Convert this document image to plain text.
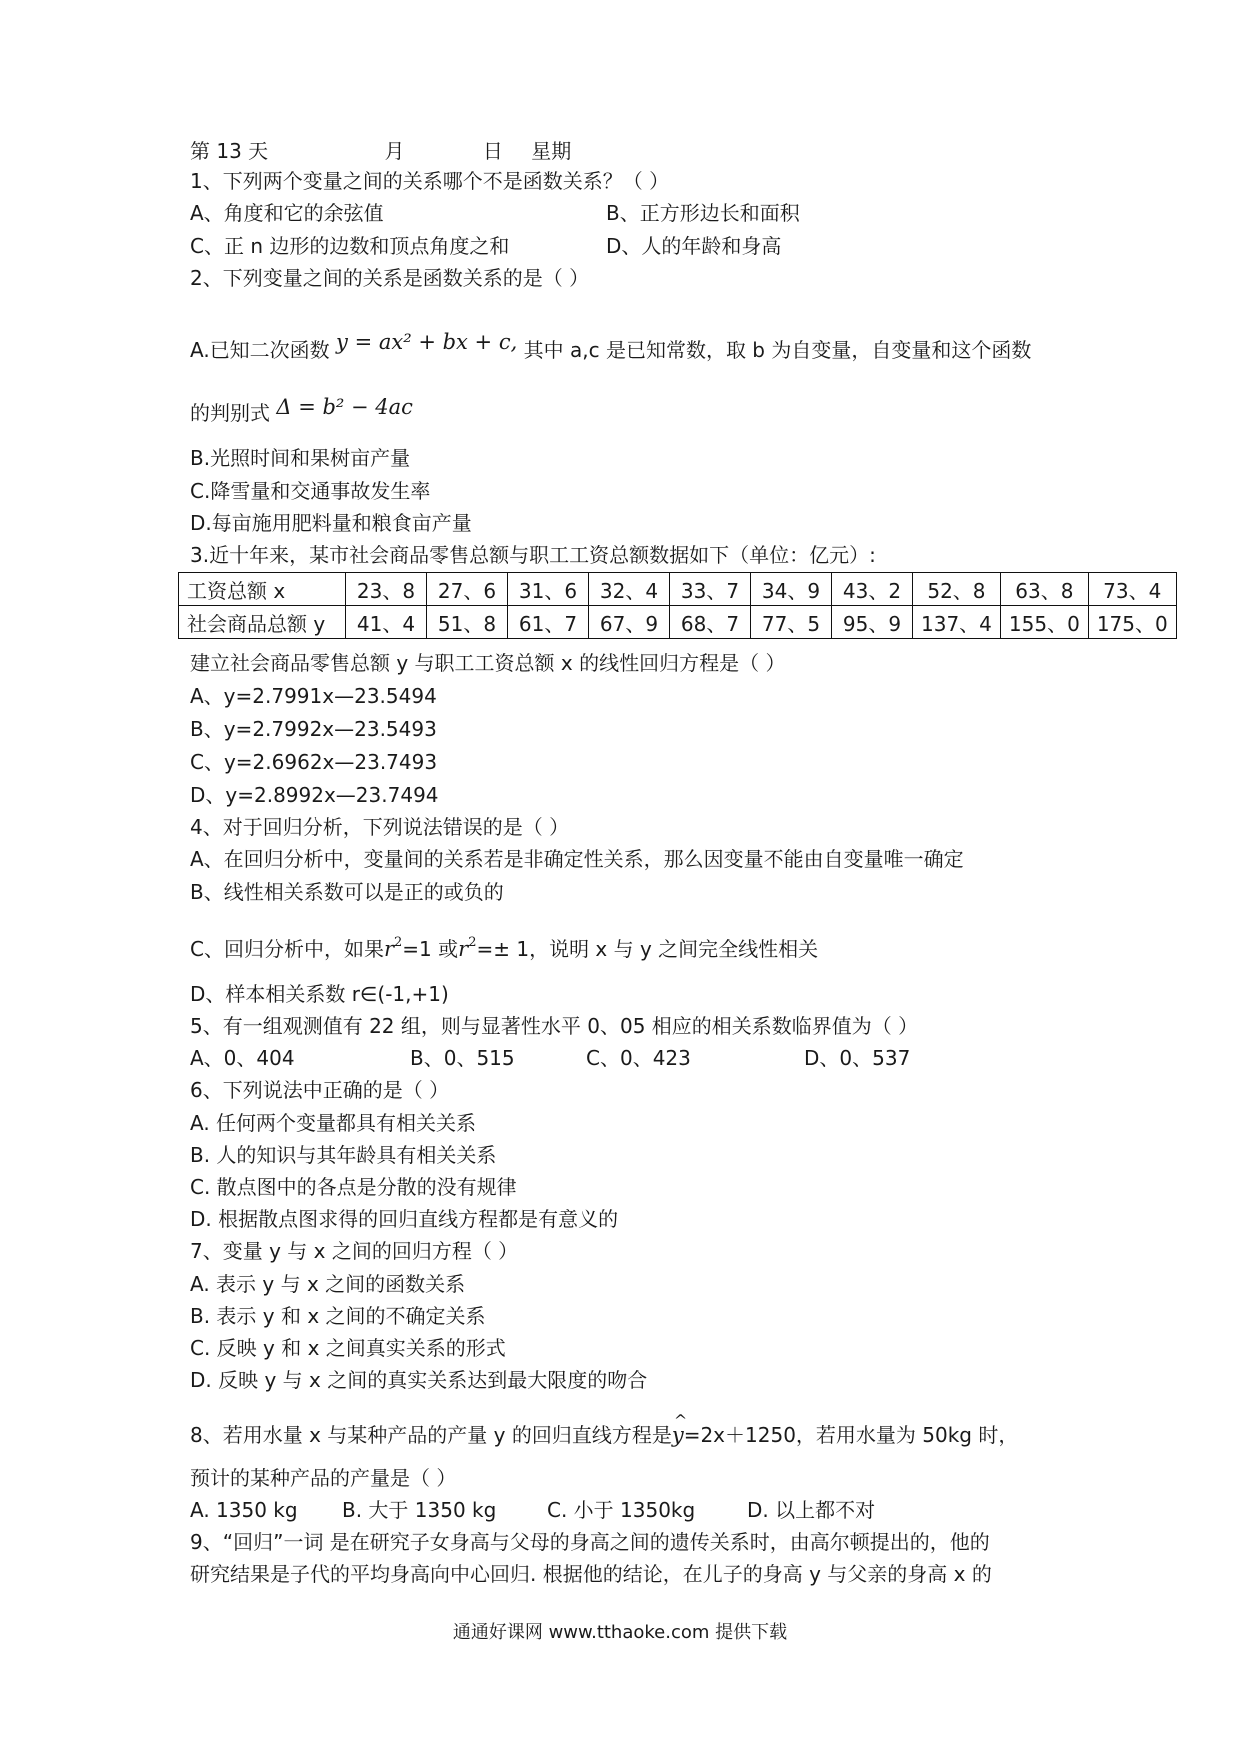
第 13 天	月	日 星期
1、下列两个变量之间的关系哪个不是函数关系？（ ）
A、角度和它的余弦值	B、正方形边长和面积
C、正 n 边形的边数和顶点角度之和	D、人的年龄和身高
2、下列变量之间的关系是函数关系的是（ ）
A.已知二次函数 y = ax² + bx + c, 其中 a,c 是已知常数，取 b 为自变量，自变量和这个函数
的判别式 Δ = b² − 4ac
B.光照时间和果树亩产量
C.降雪量和交通事故发生率
D.每亩施用肥料量和粮食亩产量
3.近十年来，某市社会商品零售总额与职工工资总额数据如下（单位：亿元）:
工资总额 x	23、8	27、6	31、6	32、4	33、7	34、9	43、2	52、8	63、8	73、4
社会商品总额 y	41、4	51、8	61、7	67、9	68、7	77、5	95、9	137、4	155、0	175、0
建立社会商品零售总额 y 与职工工资总额 x 的线性回归方程是（ ）
A、y=2.7991x—23.5494
B、y=2.7992x—23.5493
C、y=2.6962x—23.7493
D、y=2.8992x—23.7494
4、对于回归分析，下列说法错误的是（ ）
A、在回归分析中，变量间的关系若是非确定性关系，那么因变量不能由自变量唯一确定
B、线性相关系数可以是正的或负的
C、回归分析中，如果$r^2=1$ 或$r^2=\pm 1$，说明 x 与 y 之间完全线性相关
D、样本相关系数 r∈(-1,+1)
5、有一组观测值有 22 组，则与显著性水平 0、05 相应的相关系数临界值为（ ）
A、0、404	B、0、515	C、0、423	D、0、537
6、下列说法中正确的是（ ）
A. 任何两个变量都具有相关关系
B. 人的知识与其年龄具有相关关系
C. 散点图中的各点是分散的没有规律
D. 根据散点图求得的回归直线方程都是有意义的
7、变量 y 与 x 之间的回归方程（ ）
A. 表示 y 与 x 之间的函数关系
B. 表示 y 和 x 之间的不确定关系
C. 反映 y 和 x 之间真实关系的形式
D. 反映 y 与 x 之间的真实关系达到最大限度的吻合
8、若用水量 x 与某种产品的产量 y 的回归直线方程是
^
y=2x＋1250，若用水量为 50kg 时，
预计的某种产品的产量是（ ）
A. 1350 kg B. 大于 1350 kg	C. 小于 1350kg	D. 以上都不对
9、“回归”一词 是在研究子女身高与父母的身高之间的遗传关系时，由高尔顿提出的，他的
研究结果是子代的平均身高向中心回归. 根据他的结论，在儿子的身高 y 与父亲的身高 x 的
通通好课网 www.tthaoke.com 提供下载
